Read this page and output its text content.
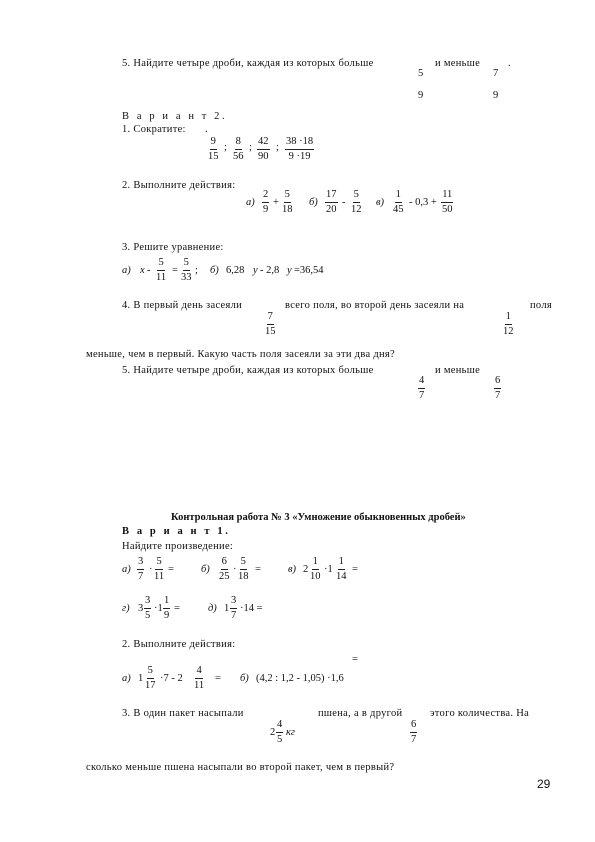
5. Найдите четыре дроби, каждая из которых больше	и меньше	.
5
9
7
9
В а р и а н т 2.
1. Сократите: .
$\frac{9}{15}$ ; $\frac{8}{56}$ ; $\frac{42}{90}$ ; $\frac{38 \cdot 18}{9 \cdot 19}$
2. Выполните действия:
$а) \frac{2}{9} + \frac{5}{18} б) \frac{17}{20} - \frac{5}{12} в) \frac{1}{45} - 0,3 + \frac{11}{50}$
3. Решите уравнение:
а) $x - \frac{5}{11} = \frac{5}{33}$ ; б) 6,28 y - 2,8 y =36,54
4. В первый день засеяли	всего поля, во второй день засеяли на	поля
$\frac{7}{15}$	$\frac{1}{12}$
меньше, чем в первый. Какую часть поля засеяли за эти два дня?
5. Найдите четыре дроби, каждая из которых больше	и меньше
$\frac{4}{7}$	$\frac{6}{7}$
Контрольная работа № 3 «Умножение обыкновенных дробей»
В а р и а н т 1.
Найдите произведение:
$а) \frac{3}{7} \cdot \frac{5}{11}$ =	$б) \frac{6}{25} \cdot \frac{5}{18}$ =	в) $2 \frac{1}{10} \cdot 1 \frac{1}{14}$ =
г) $3 \frac{3}{5} \cdot 1 \frac{1}{9}$ =	д) $1 \frac{3}{7} \cdot 14$ =
2. Выполните действия:
=
а) $1 \frac{5}{17} \cdot 7 - 2 \frac{4}{11} = б$) (4,2 : 1,2 - 1,05) ·1,6
3. В один пакет насыпали	пшена, а в другой	этого количества. На
$2 \frac{4}{5}$ кг	$\frac{6}{7}$
сколько меньше пшена насыпали во второй пакет, чем в первый?
29
